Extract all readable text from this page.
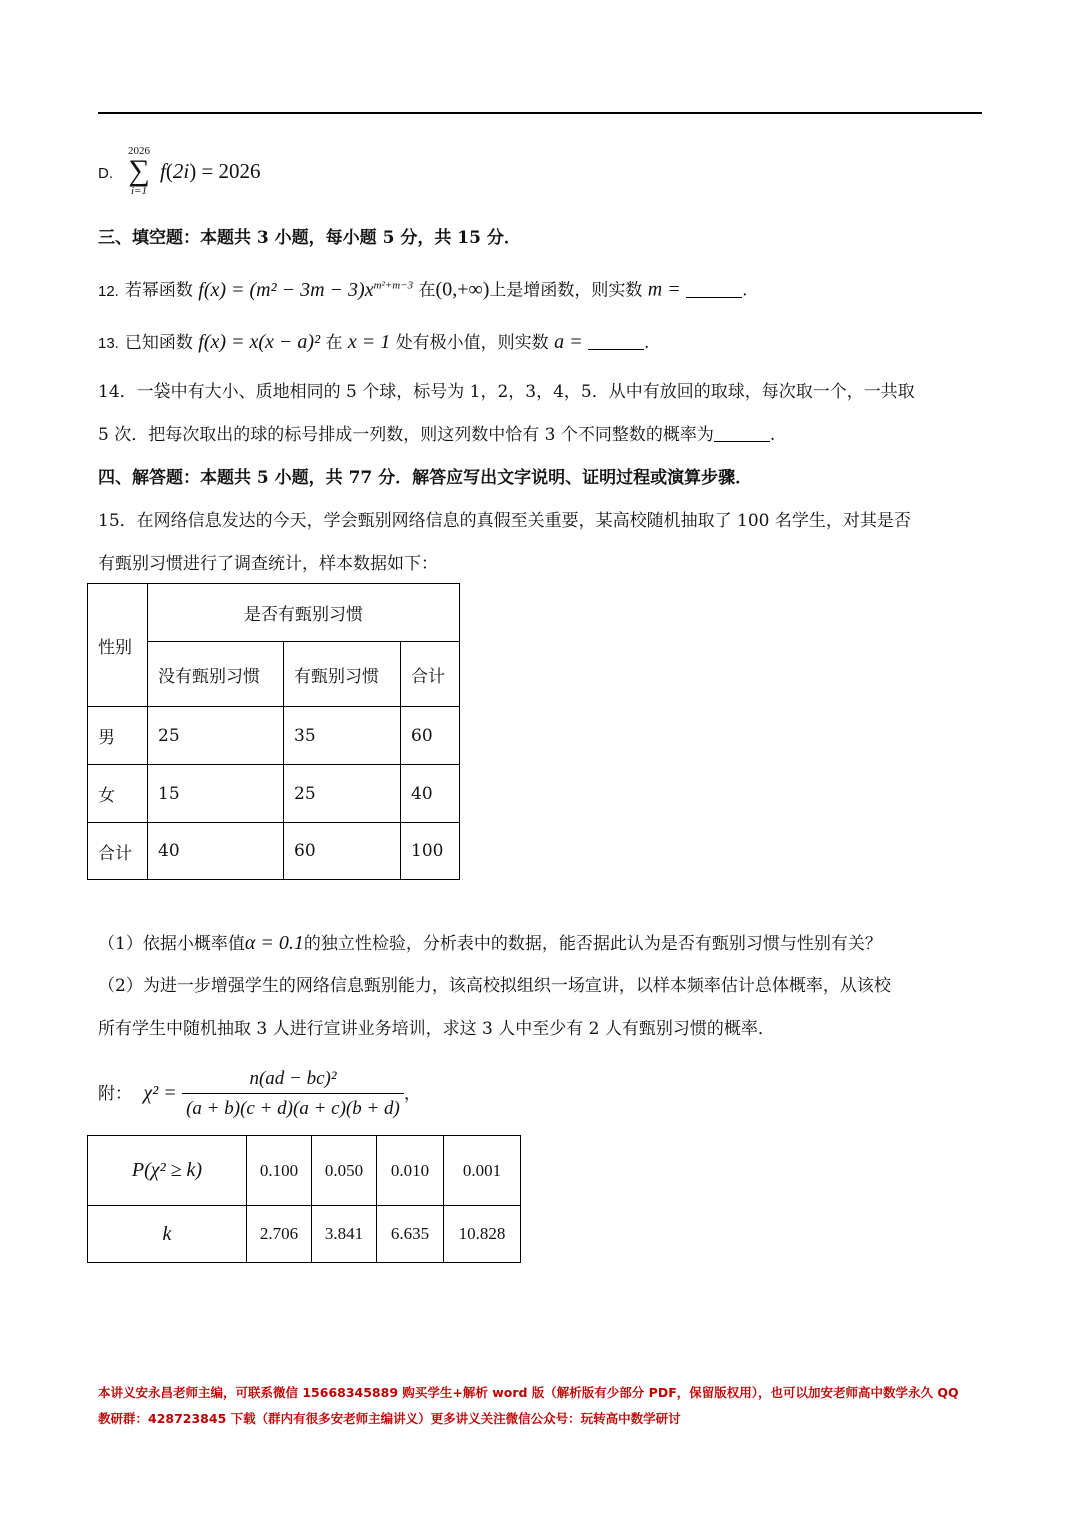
D.
2026
∑
i=1
f(2i) = 2026
三、填空题：本题共 3 小题，每小题 5 分，共 15 分．
12. 若幂函数 $f(x) = (m^2 - 3m - 3)x^{m^2+m-3}$ 在(0,+∞)上是增函数，则实数 m =	.
13. 已知函数 f(x) = x(x − a)² 在 x = 1 处有极小值，则实数 a =	.
14．一袋中有大小、质地相同的 5 个球，标号为 1，2，3，4，5．从中有放回的取球，每次取一个，一共取
5 次．把每次取出的球的标号排成一列数，则这列数中恰有 3 个不同整数的概率为	.
四、解答题：本题共 5 小题，共 77 分．解答应写出文字说明、证明过程或演算步骤．
15．在网络信息发达的今天，学会甄别网络信息的真假至关重要，某高校随机抽取了 100 名学生，对其是否
有甄别习惯进行了调查统计，样本数据如下：
性别	是否有甄别习惯		
	没有甄别习惯	有甄别习惯	合计
男	25	35	60
女	15	25	40
合计	40	60	100
（1）依据小概率值α = 0.1的独立性检验，分析表中的数据，能否据此认为是否有甄别习惯与性别有关？
（2）为进一步增强学生的网络信息甄别能力，该高校拟组织一场宣讲，以样本频率估计总体概率，从该校
所有学生中随机抽取 3 人进行宣讲业务培训，求这 3 人中至少有 2 人有甄别习惯的概率．
附： $\chi^2 = \frac{\text{n(ad − bc)²}}{(a + b)(c + d)(a + c)(b + d)}$ ，
P(χ² ≥ k)	0.100	0.050	0.010	0.001
k	2.706	3.841	6.635	10.828
本讲义安永昌老师主编，可联系微信 15668345889 购买学生+解析 word 版（解析版有少部分 PDF，保留版权用），也可以加安老师高中数学永久 QQ
教研群：428723845 下载（群内有很多安老师主编讲义）更多讲义关注微信公众号：玩转高中数学研讨
